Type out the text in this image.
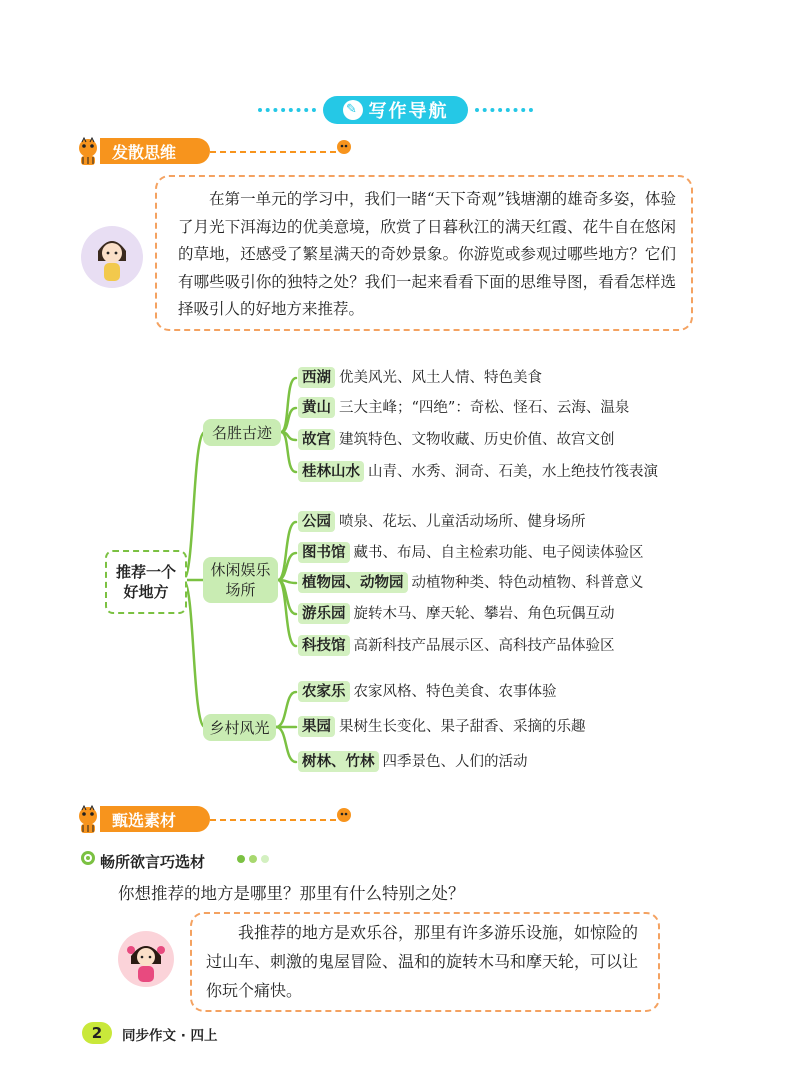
✎ 写作导航
发散思维
在第一单元的学习中，我们一睹“天下奇观”钱塘潮的雄奇多姿，体验了月光下洱海边的优美意境，欣赏了日暮秋江的满天红霞、花牛自在悠闲的草地，还感受了繁星满天的奇妙景象。你游览或参观过哪些地方？它们有哪些吸引你的独特之处？我们一起来看看下面的思维导图，看看怎样选择吸引人的好地方来推荐。
推荐一个好地方
名胜古迹
休闲娱乐场所
乡村风光
西湖 优美风光、风土人情、特色美食
黄山 三大主峰；“四绝”：奇松、怪石、云海、温泉
故宫 建筑特色、文物收藏、历史价值、故宫文创
桂林山水 山青、水秀、洞奇、石美，水上绝技竹筏表演
公园 喷泉、花坛、儿童活动场所、健身场所
图书馆 藏书、布局、自主检索功能、电子阅读体验区
植物园、动物园 动植物种类、特色动植物、科普意义
游乐园 旋转木马、摩天轮、攀岩、角色玩偶互动
科技馆 高新科技产品展示区、高科技产品体验区
农家乐 农家风格、特色美食、农事体验
果园 果树生长变化、果子甜香、采摘的乐趣
树林、竹林 四季景色、人们的活动
甄选素材
畅所欲言巧选材
你想推荐的地方是哪里？那里有什么特别之处？
我推荐的地方是欢乐谷，那里有许多游乐设施，如惊险的过山车、刺激的鬼屋冒险、温和的旋转木马和摩天轮，可以让你玩个痛快。
2	同步作文 · 四上
